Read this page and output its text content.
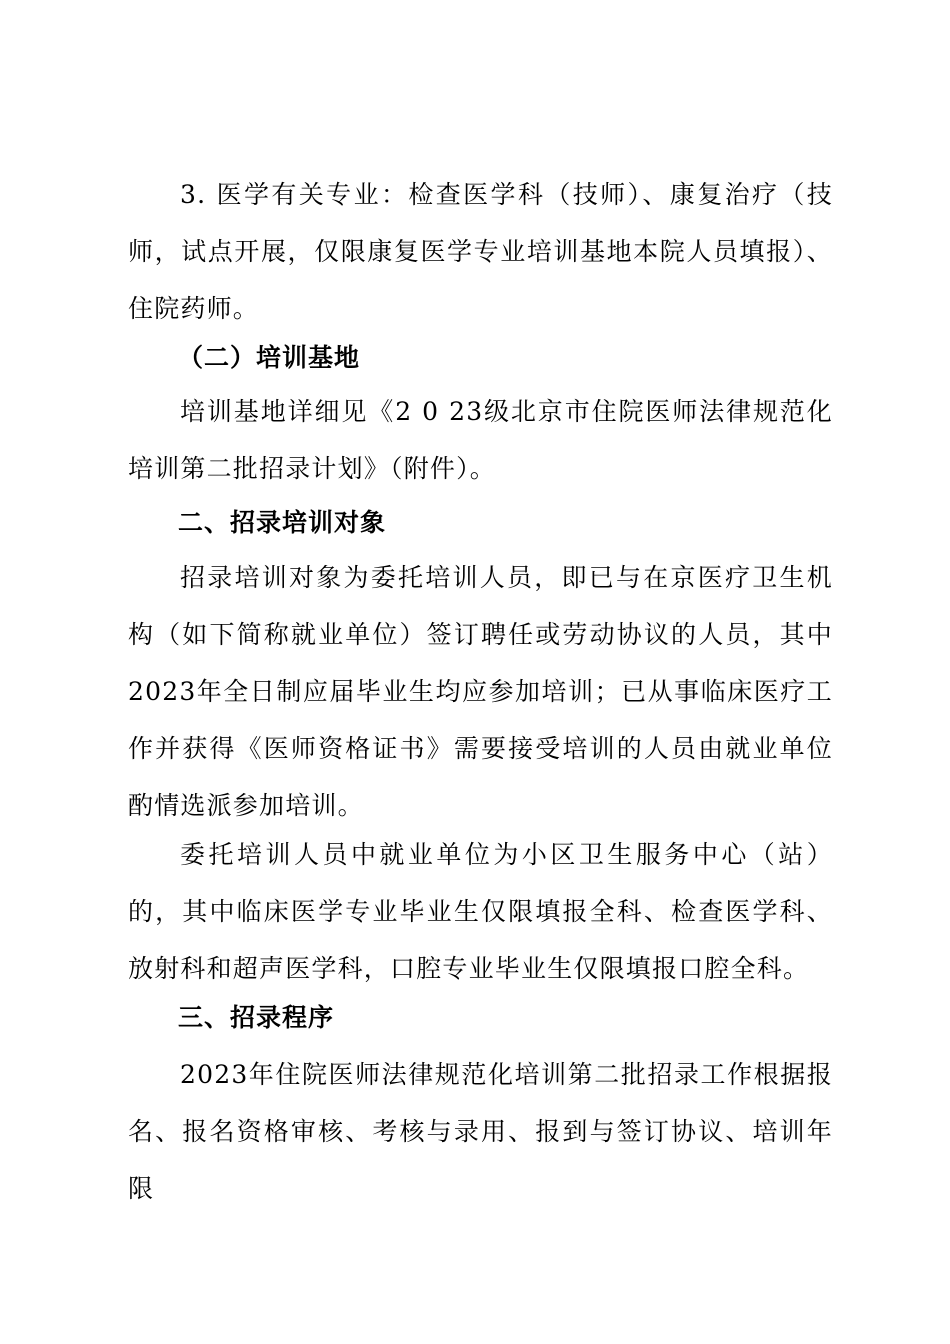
3. 医学有关专业：检查医学科（技师）、康复治疗（技师，试点开展，仅限康复医学专业培训基地本院人员填报）、住院药师。

（二）培训基地

培训基地详细见《2 0 23级北京市住院医师法律规范化培训第二批招录计划》（附件）。

二、招录培训对象

招录培训对象为委托培训人员，即已与在京医疗卫生机构（如下简称就业单位）签订聘任或劳动协议的人员，其中2023年全日制应届毕业生均应参加培训；已从事临床医疗工作并获得《医师资格证书》需要接受培训的人员由就业单位酌情选派参加培训。

委托培训人员中就业单位为小区卫生服务中心（站）的，其中临床医学专业毕业生仅限填报全科、检查医学科、放射科和超声医学科，口腔专业毕业生仅限填报口腔全科。

三、招录程序

2023年住院医师法律规范化培训第二批招录工作根据报名、报名资格审核、考核与录用、报到与签订协议、培训年限
